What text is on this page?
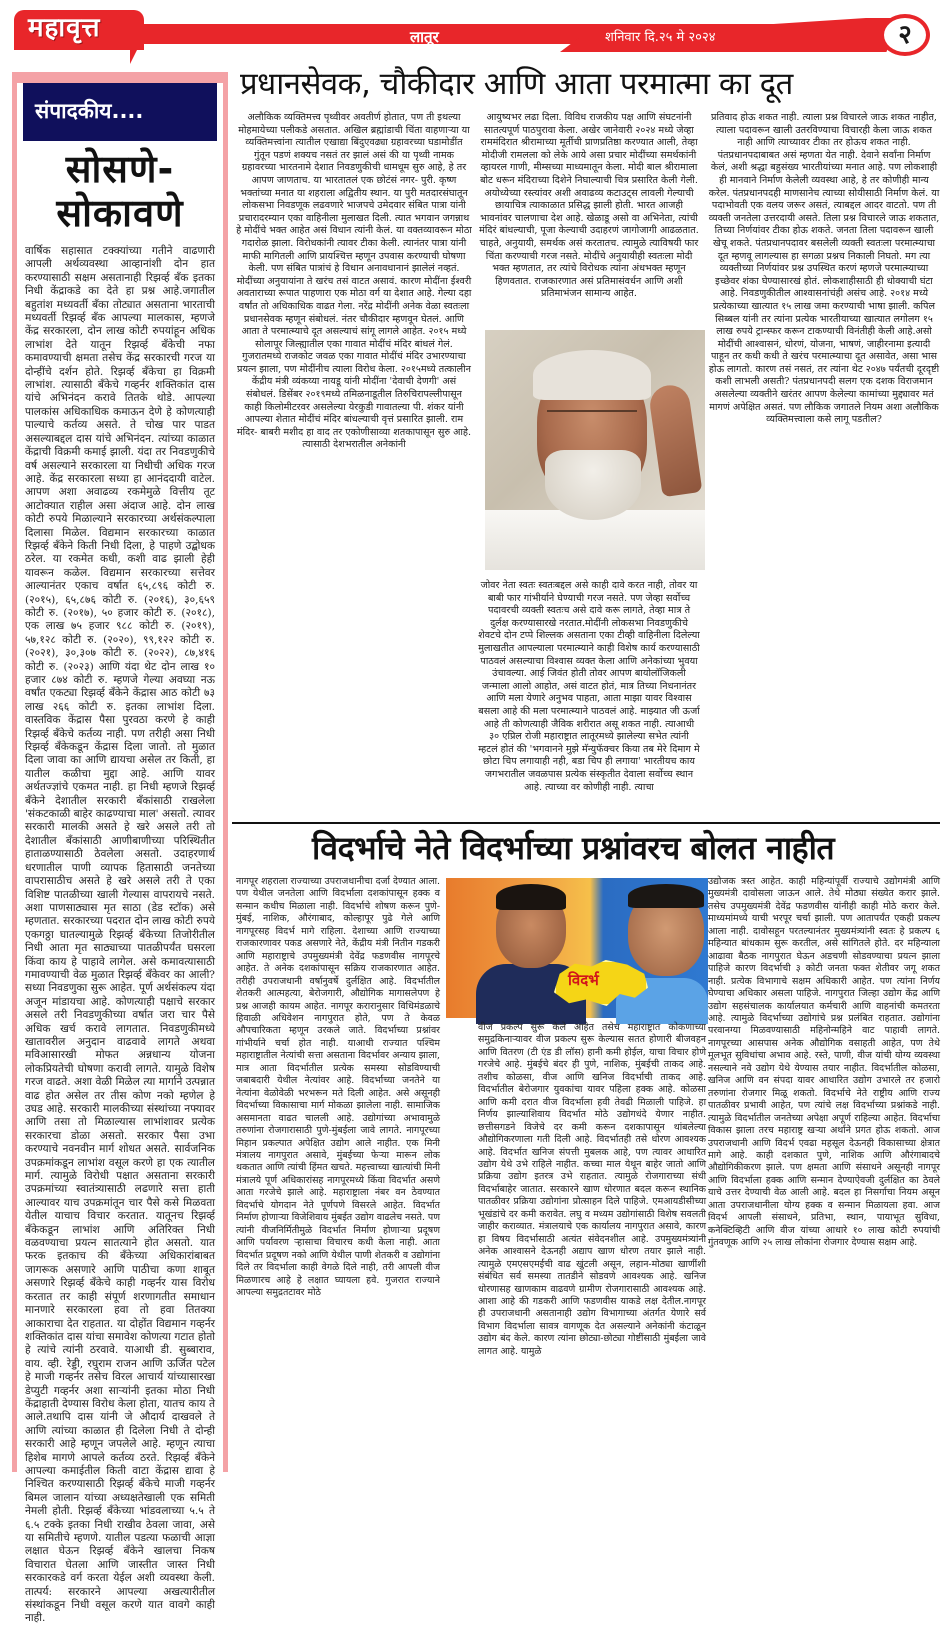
महावृत्त	लातूर	शनिवार दि.२५ मे २०२४	२
संपादकीय....
सोसणे-
सोकावणे

वार्षिक सहासात टक्क्यांच्या गतीने वाढणारी आपली अर्थव्यवस्था आव्हानांशी दोन हात करण्यासाठी सक्षम असतानाही रिझर्व्ह बँक इतका निधी केंद्राकडे का देते हा प्रश्न आहे.जगातील बहुतांश मध्यवर्ती बँका तोट्यात असताना भारताची मध्यवर्ती रिझर्व्ह बँक आपल्या मालकास, म्हणजे केंद्र सरकारला, दोन लाख कोटी रुपयांहून अधिक लाभांश देते यातून रिझर्व्ह बँकेची नफा कमावण्याची क्षमता तसेच केंद्र सरकारची गरज या दोन्हींचे दर्शन होते. रिझर्व्ह बँकेचा हा विक्रमी लाभांश. त्यासाठी बँकेचे गव्हर्नर शक्तिकांत दास यांचे अभिनंदन करावे तितके थोडे. आपल्या पालकांस अधिकाधिक कमाऊन देणे हे कोणत्याही पाल्याचे कर्तव्य असते. ते चोख पार पाडत असल्याबद्दल दास यांचे अभिनंदन. त्यांच्या काळात केंद्राची विक्रमी कमाई झाली. यंदा तर निवडणुकीचे वर्ष असल्याने सरकारला या निधीची अधिक गरज आहे. केंद्र सरकारला सध्या हा आनंददायी वाटेल. आपण अशा अवाढव्य रकमेमुळे वित्तीय तूट आटोक्यात राहील असा अंदाज आहे. दोन लाख कोटी रुपये मिळाल्याने सरकारच्या अर्थसंकल्पाला दिलासा मिळेल. विद्यमान सरकारच्या काळात रिझर्व्ह बँकेने किती निधी दिला, हे पाहणे उद्बोधक ठरेल. या रकमेत कधी, कशी वाढ झाली हेही यावरून कळेल. विद्यमान सरकारच्या सत्तेवर आल्यानंतर एकाच वर्षात ६५,८९६ कोटी रु. (२०१५), ६५,८७६ कोटी रु. (२०१६), ३०,६५९ कोटी रु. (२०१७), ५० हजार कोटी रु. (२०१८), एक लाख ७५ हजार ९८८ कोटी रु. (२०१९), ५७,१२८ कोटी रु. (२०२०), ९९,१२२ कोटी रु. (२०२१), ३०,३०७ कोटी रु. (२०२२), ८७,४१६ कोटी रु. (२०२३) आणि यंदा थेट दोन लाख १० हजार ८७४ कोटी रु. म्हणजे गेल्या अवघ्या नऊ वर्षांत एकट्या रिझर्व्ह बँकेने केंद्रास आठ कोटी ७३ लाख २६६ कोटी रु. इतका लाभांश दिला. वास्तविक केंद्रास पैसा पुरवठा करणे हे काही रिझर्व्ह बँकेचे कर्तव्य नाही. पण तरीही असा निधी रिझर्व्ह बँकेकडून केंद्रास दिला जातो. तो मुळात दिला जावा का आणि द्यायचा असेल तर किती, हा यातील कळीचा मुद्दा आहे. आणि यावर अर्थतज्ज्ञांचे एकमत नाही. हा निधी म्हणजे रिझर्व्ह बँकेने देशातील सरकारी बँकांसाठी राखलेला 'संकटकाळी बाहेर काढण्याचा माल' असतो. त्यावर सरकारी मालकी असते हे खरे असले तरी तो देशातील बँकांसाठी आणीबाणीच्या परिस्थितीत हाताळण्यासाठी ठेवलेला असतो. उदाहरणार्थ धरणातील पाणी व्यापक हितासाठी जनतेच्या वापरासाठीच असते हे खरे असले तरी ते एका विशिष्ट पातळीच्या खाली गेल्यास वापरायचे नसते. अशा पाणसाठ्यास मृत साठा (डेड स्टॉक) असे म्हणतात. सरकारच्या पदरात दोन लाख कोटी रुपये एकगठ्ठा घातल्यामुळे रिझर्व्ह बँकेच्या तिजोरीतील निधी आता मृत साठ्याच्या पातळीपर्यंत घसरला किंवा काय हे पाहावे लागेल. असे कमावत्यासाठी गमावण्याची वेळ मुळात रिझर्व्ह बँकेवर का आली? सध्या निवडणुका सुरू आहेत. पूर्ण अर्थसंकल्प यंदा अजून मांडायचा आहे. कोणत्याही पक्षाचे सरकार असले तरी निवडणुकीच्या वर्षात जरा चार पैसे अधिक खर्च करावे लागतात. निवडणुकीमध्ये खातावरील अनुदान वाढवावे लागते अथवा मविआसारखी मोफत अन्नधान्य योजना लोकप्रियतेची घोषणा करावी लागते. यामुळे विशेष गरज वाढते. अशा वेळी मिळेल त्या मार्गाने उत्पन्नात वाढ होत असेल तर तीस कोण नको म्हणेल हे उघड आहे. सरकारी मालकीच्या संस्थांच्या नफ्यावर आणि तसा तो मिळाल्यास लाभांशावर प्रत्येक सरकारचा डोळा असतो. सरकार पैसा उभा करण्याचे नवनवीन मार्ग शोधत असते. सार्वजनिक उपक्रमांकडून लाभांश वसूल करणे हा एक त्यातील मार्ग. त्यामुळे विरोधी पक्षात असताना सरकारी उपक्रमांच्या स्वातंत्र्यासाठी लढणारे सत्ता हाती आल्यावर याच उपक्रमांतून चार पैसे कसे मिळवता येतील याचाच विचार करतात. यातूनच रिझर्व्ह बँकेकडून लाभांश आणि अतिरिक्त निधी वळवण्याचा प्रयत्न सातत्याने होत असतो. यात फरक इतकाच की बँकेच्या अधिकारांबाबत जागरूक असणारे आणि पाठीचा कणा शाबूत असणारे रिझर्व्ह बँकेचे काही गव्हर्नर यास विरोध करतात तर काही संपूर्ण शरणागतीत समाधान मानणारे सरकारला हवा तो हवा तितक्या आकाराचा देत राहतात. या दोहोंत विद्यमान गव्हर्नर शक्तिकांत दास यांचा समावेश कोणत्या गटात होतो हे त्यांचे त्यांनी ठरवावे. याआधी डी. सुब्बाराव, वाय. व्ही. रेड्डी, रघुराम राजन आणि ऊर्जित पटेल हे माजी गव्हर्नर तसेच विरल आचार्य यांच्यासारखा डेप्युटी गव्हर्नर अशा साऱ्यांनी इतका मोठा निधी केंद्राहाती देण्यास विरोध केला होता, यातच काय ते आले.तथापि दास यांनी जे औदार्य दाखवले ते आणि त्यांच्या काळात ही दिलेला निधी ते दोन्ही सरकारी आहे म्हणून जपलेले आहे. म्हणून त्याचा हिशेब मागणे आपले कर्तव्य ठरते. रिझर्व्ह बँकेने आपल्या कमाईतील किती वाटा केंद्रास द्यावा हे निश्चित करण्यासाठी रिझर्व्ह बँकेचे माजी गव्हर्नर बिमल जालान यांच्या अध्यक्षतेखाली एक समिती नेमली होती. रिझर्व्ह बँकेच्या भांडवलाच्या ५.५ ते ६.५ टक्के इतका निधी राखीव ठेवला जावा, असे या समितीचे म्हणणे. यातील पडत्या फळाची आज्ञा लक्षात घेऊन रिझर्व्ह बँकेने खालचा निकष विचारात घेतला आणि जास्तीत जास्त निधी सरकारकडे वर्ग करता येईल अशी व्यवस्था केली. तात्पर्य: सरकारने आपल्या अखत्यारीतील संस्थांकडून निधी वसूल करणे यात वावगे काही नाही.

प्रधानसेवक, चौकीदार आणि आता परमात्मा का दूत

अलौकिक व्यक्तिमत्त्व पृथ्वीवर अवतीर्ण होतात, पण ती इथल्या मोहमायेच्या पलीकडे असतात. अखिल ब्रह्मांडाची चिंता वाहणाऱ्या या व्यक्तिमत्त्वांना त्यातील एखाद्या बिंदुएवढ्या ग्रहावरच्या घडामोडींत गुंतून पडणं शक्यच नसतं तर झालं असं की या पृथ्वी नामक ग्रहावरच्या भारतनामे देशात निवडणुकीची धामधूम सुरु आहे, हे तर आपण जाणताच. या भारतातलं एक छोटंसं नगर- पुरी. कृष्ण भक्तांच्या मनात या शहराला अद्वितीय स्थान. या पुरी मतदारसंघातून लोकसभा निवडणूक लढवणारे भाजपचे उमेदवार संबित पात्रा यांनी प्रचारादरम्यान एका वाहिनीला मुलाखत दिली. त्यात भगवान जगन्नाथ हे मोदींचे भक्त आहेत असं विधान त्यांनी केलं. या वक्तव्यावरून मोठा गदारोळ झाला. विरोधकांनी त्यावर टीका केली. त्यानंतर पात्रा यांनी माफी मागितली आणि प्रायश्चित्त म्हणून उपवास करण्याची घोषणा केली. पण संबित पात्रांचं हे विधान अनावधानानं झालेलं नव्हतं. मोदींच्या अनुयायांना ते खरंच तसं वाटत असावं. कारण मोदींना ईश्वरी अवताराच्या रूपात पाहणारा एक मोठा वर्ग या देशात आहे. गेल्या दहा वर्षांत तो अधिकाधिक वाढत गेला. नरेंद्र मोदींनी अनेक वेळा स्वतःला प्रधानसेवक म्हणून संबोधलं. नंतर चौकीदार म्हणवून घेतलं. आणि आता ते परमात्म्याचे दूत असल्याचं सांगू लागले आहेत. २०१५ मध्ये सोलापूर जिल्ह्यातील एका गावात मोदींचं मंदिर बांधलं गेलं. गुजरातमध्ये राजकोट जवळ एका गावात मोदींचं मंदिर उभारण्याचा प्रयत्न झाला, पण मोदींनीच त्याला विरोध केला. २०१५मध्ये तत्कालीन केंद्रीय मंत्री व्यंकय्या नायडू यांनी मोदींना 'देवाची देणगी' असं संबोधलं. डिसेंबर २०१९मध्ये तमिळनाडूतील तिरुचिरापल्लीपासून काही किलोमीटरवर असलेल्या येरकुडी गावातल्या पी. शंकर यांनी आपल्या शेतात मोदींचं मंदिर बांधल्याची वृत्तं प्रसारित झाली. राम मंदिर- बाबरी मशीद हा वाद तर एकोणीसाव्या शतकापासून सुरु आहे. त्यासाठी देशभरातील अनेकांनी

आयुष्यभर लढा दिला. विविध राजकीय पक्ष आणि संघटनांनी सातत्यपूर्ण पाठपुरावा केला. अखेर जानेवारी २०२४ मध्ये जेव्हा राममंदिरात श्रीरामाच्या मूर्तीची प्राणप्रतिष्ठा करण्यात आली, तेव्हा मोदीजी रामलला को लेके आये असा प्रचार मोदींच्या समर्थकांनी व्हायरल गाणी, मीम्सच्या माध्यमातून केला. मोदी बाल श्रीरामाला बोट धरून मंदिराच्या दिशेने निघाल्याची चित्र प्रसारित केली गेली. अयोध्येच्या रस्त्यांवर अशी अवाढव्य कटाउट्स लावली गेल्याची छायाचित्र त्याकाळात प्रसिद्ध झाली होती. भारत आजही भावनांवर चालणाचा देश आहे. खेळाडू असो वा अभिनेता, त्यांची मंदिरं बांधल्याची, पूजा केल्याची उदाहरणं जागोजागी आढळतात. चाहते, अनुयायी, समर्थक असं करतातच. त्यामुळे त्याविषयी फार चिंता करण्याची गरज नसते. मोदींचे अनुयायीही स्वतःला मोदी भक्त म्हणतात, तर त्यांचे विरोधक त्यांना अंधभक्त म्हणून हिणवतात. राजकारणात असं प्रतिमासंवर्धन आणि अशी प्रतिमाभंजन सामान्य आहेत.

जोवर नेता स्वतः स्वतःबद्दल असे काही दावे करत नाही, तोवर या बाबी फार गांभीर्याने घेण्याची गरज नसते. पण जेव्हा सर्वोच्च पदावरची व्यक्ती स्वतःच असे दावे करू लागते, तेव्हा मात्र ते दुर्लक्ष करण्यासारखे नरतात.मोदींनी लोकसभा निवडणुकीचे शेवटचे दोन टप्पे शिल्लक असताना एका टीव्ही वाहिनीला दिलेल्या मुलाखतीत आपल्याला परमात्म्याने काही विशेष कार्य करण्यासाठी पाठवलं असल्याचा विश्वास व्यक्त केला आणि अनेकांच्या भुवया उंचावल्या. आई जिवंत होती तोवर आपण बायोलॉजिकली जन्माला आलो आहोत, असं वाटत होतं, मात्र तिच्या निधनानंतर आणि मला येणारे अनुभव पाहता, आता माझा यावर विश्वास बसला आहे की मला परमात्म्याने पाठवलं आहे. माझ्यात जी ऊर्जा आहे ती कोणत्याही जैविक शरीरात असू शकत नाही. त्याआधी ३० एप्रिल रोजी महाराष्ट्रात लातूरमध्ये झालेल्या सभेत त्यांनी म्हटलं होतं की 'भगवानने मुझे मॅन्युफॅक्चर किया तब मेरे दिमाग मे छोटा चिप लगायाही नही, बडा चिप ही लगाया' भारतीयच काय जगभरातील जवळपास प्रत्येक संस्कृतीत देवाला सर्वोच्च स्थान आहे. त्याच्या वर कोणीही नाही. त्याचा

प्रतिवाद होऊ शकत नाही. त्याला प्रश्न विचारले जाऊ शकत नाहीत, त्याला पदावरून खाली उतरविण्याचा विचारही केला जाऊ शकत नाही आणि त्याच्यावर टीका तर होऊच शकत नाही. पंतप्रधानपदाबाबत असं म्हणता येत नाही. देवाने सर्वांना निर्माण केलं, अशी श्रद्धा बहुसंख्य भारतीयांच्या मनात आहे. पण लोकशाही ही मानवाने निर्माण केलेली व्यवस्था आहे, हे तर कोणीही मान्य करेल. पंतप्रधानपदही माणसानेच त्याच्या सोयीसाठी निर्माण केलं. या पदाभोवती एक वलय जरूर असतं, त्याबद्दल आदर वाटतो. पण ती व्यक्ती जनतेला उत्तरदायी असते. तिला प्रश्न विचारले जाऊ शकतात, तिच्या निर्णयांवर टीका होऊ शकते. जनता तिला पदावरून खाली खेचू शकते. पंतप्रधानपदावर बसलेली व्यक्ती स्वतःला परमात्म्याचा दूत म्हणवू लागल्यास हा सगळा प्रश्नच निकाली निघतो. मग त्या व्यक्तीच्या निर्णयांवर प्रश्न उपस्थित करणं म्हणजे परमात्म्याच्या इच्छेवर शंका घेण्यासारखं होतं. लोकशाहीसाठी ही धोक्याची घंटा आहे. निवडणुकीतील आश्वासनांचंही असंच आहे. २०१४ मध्ये प्रत्येकाच्या खात्यात १५ लाख जमा करण्याची भाषा झाली. कपिल सिब्बल यांनी तर त्यांना प्रत्येक भारतीयाच्या खात्यात लगोलग १५ लाख रुपये ट्रान्स्फर करून टाकण्याची विनंतीही केली आहे.असो मोदींची आश्वासनं, धोरणं, योजना, भाषणं, जाहीरनामा इत्यादी पाहून तर कधी कधी ते खरंच परमात्म्याचा दूत असावेत, असा भास होऊ लागतो. कारण तसं नसतं, तर त्यांना थेट २०४७ पर्यंतची दूरदृष्टी कशी लाभली असती? पंतप्रधानपदी सलग एक दशक विराजमान असलेल्या व्यक्तीने खरंतर आपण केलेल्या कामांच्या मुद्द्यावर मतं मागणं अपेक्षित असतं. पण लौकिक जगातले नियम अशा अलौकिक व्यक्तिमत्त्वाला कसे लागू पडतील?

विदर्भाचे नेते विदर्भाच्या प्रश्नांवरच बोलत नाहीत

नागपूर शहराला राज्याच्या उपराजधानीचा दर्जा देण्यात आला. पण येथील जनतेला आणि विदर्भाला दशकांपासून हक्क व सन्मान कधीच मिळाला नाही. विदर्भाचे शोषण करून पुणे-मुंबई, नाशिक, औरंगाबाद, कोल्हापूर पुढे गेले आणि नागपूरसह विदर्भ मागे राहिला. देशाच्या आणि राज्याच्या राजकारणावर पकड असणारे नेते, केंद्रीय मंत्री नितीन गडकरी आणि महाराष्ट्राचे उपमुख्यमंत्री देवेंद्र फडणवीस नागपूरचे आहेत. ते अनेक दशकांपासून सक्रिय राजकारणात आहेत. तरीही उपराजधानी वर्षानुवर्षे दुर्लक्षित आहे. विदर्भातील शेतकरी आत्महत्या, बेरोजगारी, औद्योगिक मागासलेपण हे प्रश्न आजही कायम आहेत. नागपूर करारानुसार विधिमंडळाचे हिवाळी अधिवेशन नागपुरात होते, पण ते केवळ औपचारिकता म्हणून उरकले जाते. विदर्भाच्या प्रश्नांवर गांभीर्याने चर्चा होत नाही. याआधी राज्यात पश्चिम महाराष्ट्रातील नेत्यांची सत्ता असताना विदर्भावर अन्याय झाला, मात्र आता विदर्भातील प्रत्येक समस्या सोडविण्याची जबाबदारी येथील नेत्यांवर आहे. विदर्भाच्या जनतेने या नेत्यांना वेळोवेळी भरभरून मते दिली आहेत. असे असूनही विदर्भाच्या विकासाचा मार्ग मोकळा झालेला नाही. सामाजिक असमानता वाढत चालली आहे. उद्योगांच्या अभावामुळे तरुणांना रोजगारासाठी पुणे-मुंबईला जावे लागते. नागपूरच्या मिहान प्रकल्पात अपेक्षित उद्योग आले नाहीत. एक मिनी मंत्रालय नागपुरात असावे, मुंबईच्या फेऱ्या मारून लोक थकतात आणि त्यांची हिंमत खचते. महत्त्वाच्या खात्यांची मिनी मंत्रालये पूर्ण अधिकारांसह नागपूरमध्ये किंवा विदर्भात असणे आता गरजेचे झाले आहे. महाराष्ट्राला नंबर वन ठेवण्यात विदर्भाचे योगदान नेते पूर्णपणे विसरले आहेत. विदर्भात निर्माण होणाऱ्या विजेशिवाय मुंबईत उद्योग वाढलेच नसते. पण त्यांनी वीजनिर्मितीमुळे विदर्भात निर्माण होणाऱ्या प्रदूषण आणि पर्यावरण ऱ्हासाचा विचारच कधी केला नाही. आता विदर्भात प्रदूषण नको आणि येथील पाणी शेतकरी व उद्योगांना दिले तर विदर्भाला काही वेगळे दिले नाही, तरी आपली वीज मिळणारच आहे हे लक्षात घ्यायला हवे. गुजरात राज्याने आपल्या समुद्रतटावर मोठे

विदर्भ

वीज प्रकल्प सुरू केले आहेत तसेच महाराष्ट्रात कोकणाच्या समुद्रकिनाऱ्यावर वीज प्रकल्प सुरू केल्यास सतत होणारी बीजवहन आणि वितरण (टी एंड डी लॉस) हानी कमी होईल, याचा विचार होणे गरजेचे आहे. मुंबईचे बंदर ही पुणे, नाशिक, मुंबईची ताकद आहे. तशीच कोळसा, वीज आणि खनिज विदर्भाची ताकद आहे. विदर्भातील बेरोजगार युवकांचा यावर पहिला हक्क आहे. कोळसा आणि कमी दरात वीज विदर्भाला हवी तेवढी मिळाली पाहिजे. हा निर्णय झाल्याशिवाय विदर्भात मोठे उद्योगधंदे येणार नाहीत. छत्तीसगडने विजेचे दर कमी करून दशकापासून थांबलेल्या औद्योगिकरणाला गती दिली आहे. विदर्भातही तसे धोरण आवश्यक आहे. विदर्भात खनिज संपत्ती मुबलक आहे, पण त्यावर आधारित उद्योग येथे उभे राहिले नाहीत. कच्चा माल येथून बाहेर जातो आणि प्रक्रिया उद्योग इतरत्र उभे राहतात. त्यामुळे रोजगाराच्या संधी विदर्भाबाहेर जातात. सरकारने खाण धोरणात बदल करून स्थानिक पातळीवर प्रक्रिया उद्योगांना प्रोत्साहन दिले पाहिजे. एमआयडीसीच्या भूखंडांचे दर कमी करावेत. लघु व मध्यम उद्योगांसाठी विशेष सवलती जाहीर कराव्यात. मंत्रालयाचे एक कार्यालय नागपुरात असावे, कारण हा विषय विदर्भासाठी अत्यंत संवेदनशील आहे. उपमुख्यमंत्र्यांनी अनेक आश्वासने देऊनही अद्याप खाण धोरण तयार झाले नाही. त्यामुळे एमएसएमईची वाढ खुंटली असून, लहान-मोठ्या खाणींशी संबंधित सर्व समस्या तातडीने सोडवणे आवश्यक आहे. खनिज धोरणासह खाणकाम वाढवणे ग्रामीण रोजगारासाठी आवश्यक आहे. आशा आहे की गडकरी आणि फडणवीस याकडे लक्ष देतील.नागपूर ही उपराजधानी असतानाही उद्योग विभागाच्या अंतर्गत येणारे सर्व विभाग विदर्भाला सावत्र वागणूक देत असल्याने अनेकांनी कंटाळून उद्योग बंद केले. कारण त्यांना छोट्या-छोट्या गोष्टींसाठी मुंबईला जावे लागत आहे. यामुळे

उद्योजक त्रस्त आहेत. काही महिन्यांपूर्वी राज्याचे उद्योगमंत्री आणि मुख्यमंत्री दावोसला जाऊन आले. तेथे मोठ्या संख्येत करार झाले. तसेच उपमुख्यमंत्री देवेंद्र फडणवीस यांनीही काही मोठे करार केले. माध्यमांमध्ये याची भरपूर चर्चा झाली. पण आतापर्यंत एकही प्रकल्प आला नाही. दावोसहून परतल्यानंतर मुख्यमंत्र्यांनी स्वतः हे प्रकल्प ६ महिन्यात बांधकाम सुरू करतील, असे सांगितले होते. दर महिन्याला आढावा बैठक नागपुरात घेऊन अडचणी सोडवण्याचा प्रयत्न झाला पाहिजे कारण विदर्भाची ३ कोटी जनता फक्त शेतीवर जगू शकत नाही. प्रत्येक विभागाचे सक्षम अधिकारी आहेत. पण त्यांना निर्णय घेण्याचा अधिकार असला पाहिजे. नागपुरात जिल्हा उद्योग केंद्र आणि उद्योग सहसंचालक कार्यालयात कर्मचारी आणि वाहनांची कमतरता आहे. त्यामुळे विदर्भाच्या उद्योगांचे प्रश्न प्रलंबित राहतात. उद्योगांना परवानग्या मिळवण्यासाठी महिनोन्महिने वाट पाहावी लागते. नागपूरच्या आसपास अनेक औद्योगिक वसाहती आहेत, पण तेथे मूलभूत सुविधांचा अभाव आहे. रस्ते, पाणी, वीज यांची योग्य व्यवस्था नसल्याने नवे उद्योग येथे येण्यास तयार नाहीत. विदर्भातील कोळसा, खनिज आणि वन संपदा यावर आधारित उद्योग उभारले तर हजारो तरुणांना रोजगार मिळू शकतो. विदर्भाचे नेते राष्ट्रीय आणि राज्य पातळीवर प्रभावी आहेत, पण त्यांचे लक्ष विदर्भाच्या प्रश्नांकडे नाही. त्यामुळे विदर्भातील जनतेच्या अपेक्षा अपूर्ण राहिल्या आहेत. विदर्भाचा विकास झाला तरच महाराष्ट्र खऱ्या अर्थाने प्रगत होऊ शकतो. आज उपराजधानी आणि विदर्भ एवढा महसूल देऊनही विकासाच्या क्षेत्रात मागे आहे. काही दशकात पुणे, नाशिक आणि औरंगाबादचे औद्योगिकीकरण झाले. पण क्षमता आणि संसाधने असूनही नागपूर आणि विदर्भाला हक्क आणि सन्मान देण्याऐवजी दुर्लक्षित का ठेवले याचे उत्तर देण्याची वेळ आली आहे. बदल हा निसर्गाचा नियम असून आता उपराजधानीला योग्य हक्क व सन्मान मिळायला हवा. आज विदर्भ आपली संसाधने, प्रतिभा, स्थान, पायाभूत सुविधा, कनेक्टिव्हिटी आणि वीज यांच्या आधारे १० लाख कोटी रुपयांची गुंतवणूक आणि २५ लाख लोकांना रोजगार देण्यास सक्षम आहे.
